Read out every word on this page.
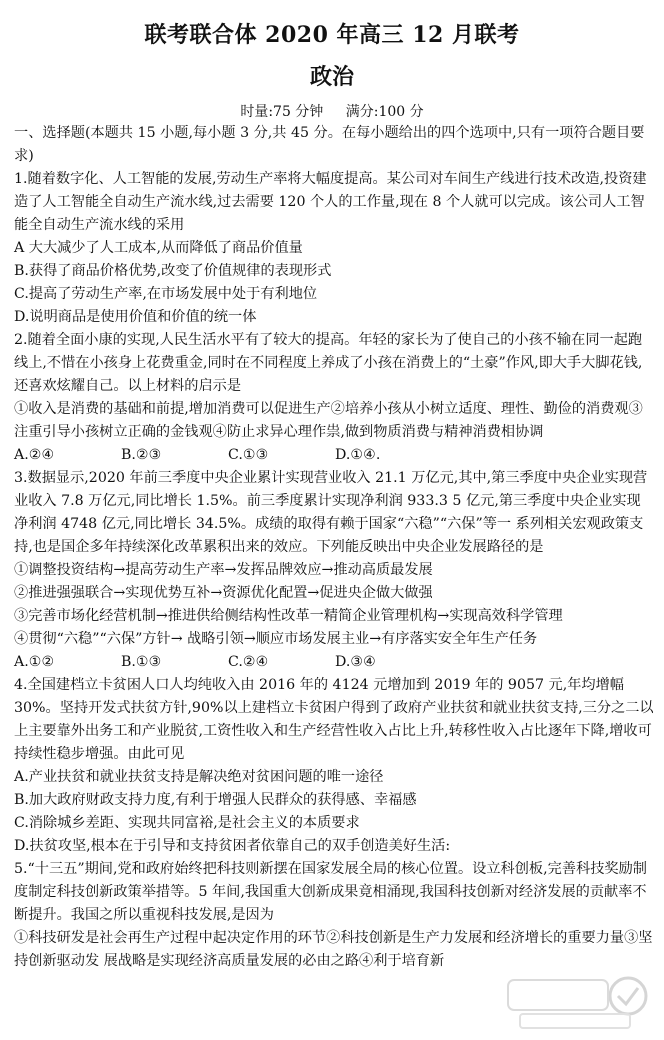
联考联合体 2020 年高三 12 月联考
政治
时量:75 分钟 满分:100 分

一、选择题(本题共 15 小题,每小题 3 分,共 45 分。在每小题给出的四个选项中,只有一项符合题目要求)

1.随着数字化、人工智能的发展,劳动生产率将大幅度提高。某公司对车间生产线进行技术改造,投资建造了人工智能全自动生产流水线,过去需要 120 个人的工作量,现在 8 个人就可以完成。该公司人工智能全自动生产流水线的采用

A 大大减少了人工成本,从而降低了商品价值量

B.获得了商品价格优势,改变了价值规律的表现形式

C.提高了劳动生产率,在市场发展中处于有利地位

D.说明商品是使用价值和价值的统一体

2.随着全面小康的实现,人民生活水平有了较大的提高。年轻的家长为了使自己的小孩不输在同一起跑线上,不惜在小孩身上花费重金,同时在不同程度上养成了小孩在消费上的“土豪”作风,即大手大脚花钱,还喜欢炫耀自己。以上材料的启示是

①收入是消费的基础和前提,增加消费可以促进生产②培养小孩从小树立适度、理性、勤俭的消费观③注重引导小孩树立正确的金钱观④防止求异心理作祟,做到物质消费与精神消费相协调

A.②④	B.②③	C.①③	D.①④.

3.数据显示,2020 年前三季度中央企业累计实现营业收入 21.1 万亿元,其中,第三季度中央企业实现营业收入 7.8 万亿元,同比增长 1.5%。前三季度累计实现净利润 933.3 5 亿元,第三季度中央企业实现净利润 4748 亿元,同比增长 34.5%。成绩的取得有赖于国家“六稳”“六保”等一 系列相关宏观政策支持,也是国企多年持续深化改革累积出来的效应。下列能反映出中央企业发展路径的是

①调整投资结构→提高劳动生产率→发挥品牌效应→推动高质最发展

②推进强强联合→实现优势互补→资源优化配置→促进央企做大做强

③完善市场化经营机制→推进供给侧结构性改革一精简企业管理机构→实现高效科学管理

④贯彻“六稳”“六保”方针→ 战略引领→顺应市场发展主业→有序落实安全年生产任务

A.①②	B.①③	C.②④	D.③④

4.全国建档立卡贫困人口人均纯收入由 2016 年的 4124 元增加到 2019 年的 9057 元,年均增幅 30%。坚持开发式扶贫方针,90%以上建档立卡贫困户得到了政府产业扶贫和就业扶贫支持,三分之二以上主要靠外出务工和产业脱贫,工资性收入和生产经营性收入占比上升,转移性收入占比逐年下降,增收可持续性稳步增强。由此可见

A.产业扶贫和就业扶贫支持是解决绝对贫困问题的唯一途径

B.加大政府财政支持力度,有利于增强人民群众的获得感、幸福感

C.消除城乡差距、实现共同富裕,是社会主义的本质要求

D.扶贫攻坚,根本在于引导和支持贫困者依靠自己的双手创造美好生活:

5.“十三五”期间,党和政府始终把科技则新摆在国家发展全局的核心位置。设立科创板,完善科技奖励制度制定科技创新政策举措等。5 年间,我国重大创新成果竟相涌现,我国科技创新对经济发展的贡献率不断提升。我国之所以重视科技发展,是因为

①科技研发是社会再生产过程中起决定作用的环节②科技创新是生产力发展和经济增长的重要力量③坚持创新驱动发 展战略是实现经济高质量发展的必由之路④利于培育新
